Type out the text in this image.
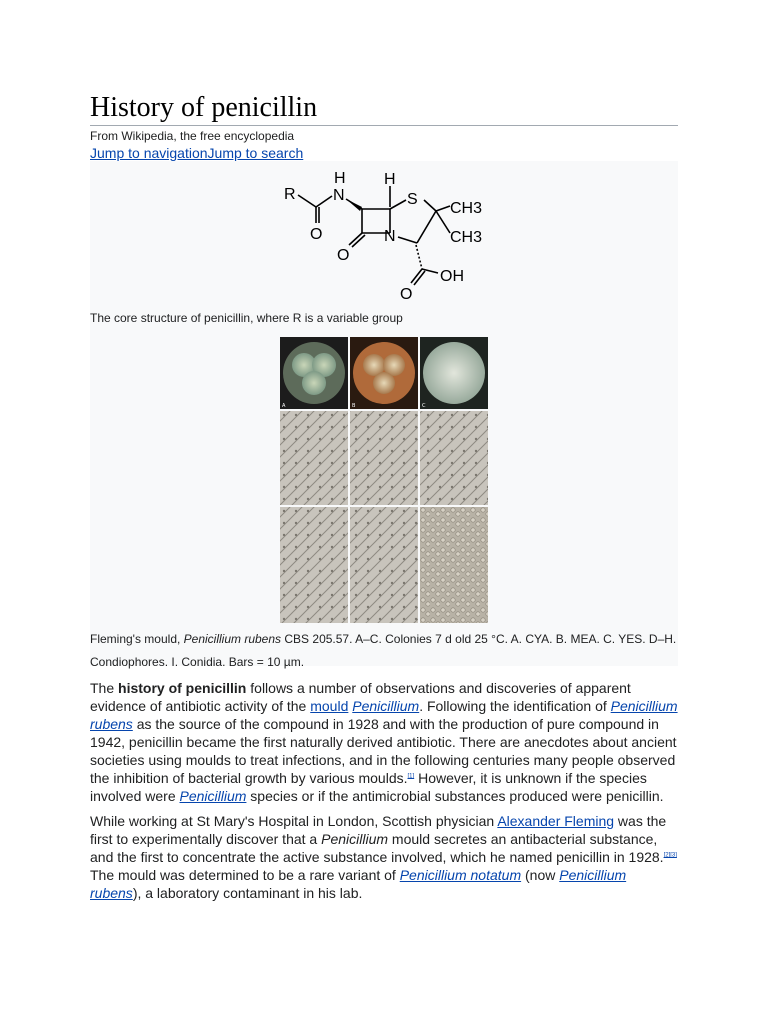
History of penicillin
From Wikipedia, the free encyclopedia
Jump to navigationJump to search
R N
H H
S
CH3
CH3
O	N
O
OH
O
The core structure of penicillin, where R is a variable group
A	B	C
Fleming's mould, Penicillium rubens CBS 205.57. A–C. Colonies 7 d old 25 °C. A. CYA. B. MEA. C. YES. D–H. Condiophores. I. Conidia. Bars = 10 µm.

The history of penicillin follows a number of observations and discoveries of apparent evidence of antibiotic activity of the mould Penicillium. Following the identification of Penicillium rubens as the source of the compound in 1928 and with the production of pure compound in 1942, penicillin became the first naturally derived antibiotic. There are anecdotes about ancient societies using moulds to treat infections, and in the following centuries many people observed the inhibition of bacterial growth by various moulds.[1] However, it is unknown if the species involved were Penicillium species or if the antimicrobial substances produced were penicillin.

While working at St Mary's Hospital in London, Scottish physician Alexander Fleming was the first to experimentally discover that a Penicillium mould secretes an antibacterial substance, and the first to concentrate the active substance involved, which he named penicillin in 1928.[2][3] The mould was determined to be a rare variant of Penicillium notatum (now Penicillium rubens), a laboratory contaminant in his lab.
